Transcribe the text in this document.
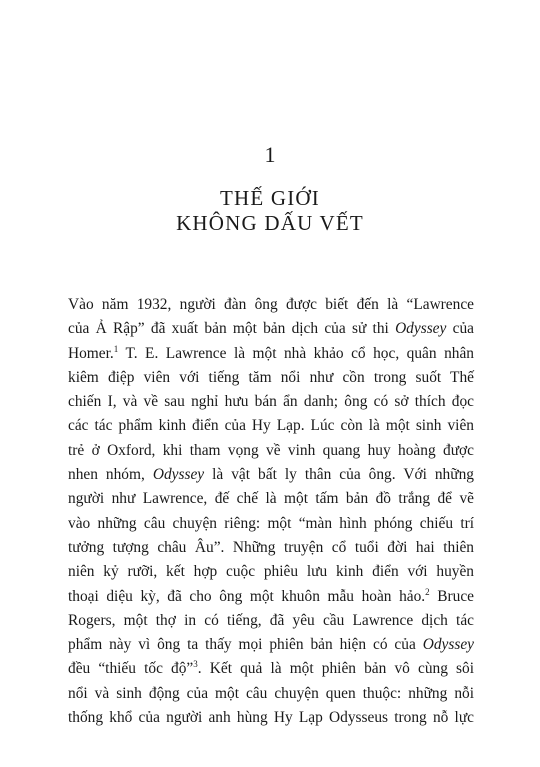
1
THẾ GIỚI
KHÔNG DẤU VẾT
Vào năm 1932, người đàn ông được biết đến là “Lawrence
của Ả Rập” đã xuất bản một bản dịch của sử thi Odyssey của
Homer.$^1$ T. E. Lawrence là một nhà khảo cổ học, quân nhân
kiêm điệp viên với tiếng tăm nổi như cồn trong suốt Thế
chiến I, và về sau nghỉ hưu bán ẩn danh; ông có sở thích đọc
các tác phẩm kinh điển của Hy Lạp. Lúc còn là một sinh viên
trẻ ở Oxford, khi tham vọng về vinh quang huy hoàng được
nhen nhóm, Odyssey là vật bất ly thân của ông. Với những
người như Lawrence, đế chế là một tấm bản đồ trắng để vẽ
vào những câu chuyện riêng: một “màn hình phóng chiếu trí
tưởng tượng châu Âu”. Những truyện cổ tuổi đời hai thiên
niên kỷ rưỡi, kết hợp cuộc phiêu lưu kinh điển với huyền
thoại diệu kỳ, đã cho ông một khuôn mẫu hoàn hảo.$^2$ Bruce
Rogers, một thợ in có tiếng, đã yêu cầu Lawrence dịch tác
phẩm này vì ông ta thấy mọi phiên bản hiện có của Odyssey
đều “thiếu tốc độ”$^3$. Kết quả là một phiên bản vô cùng sôi
nổi và sinh động của một câu chuyện quen thuộc: những nỗi
thống khổ của người anh hùng Hy Lạp Odysseus trong nỗ lực
